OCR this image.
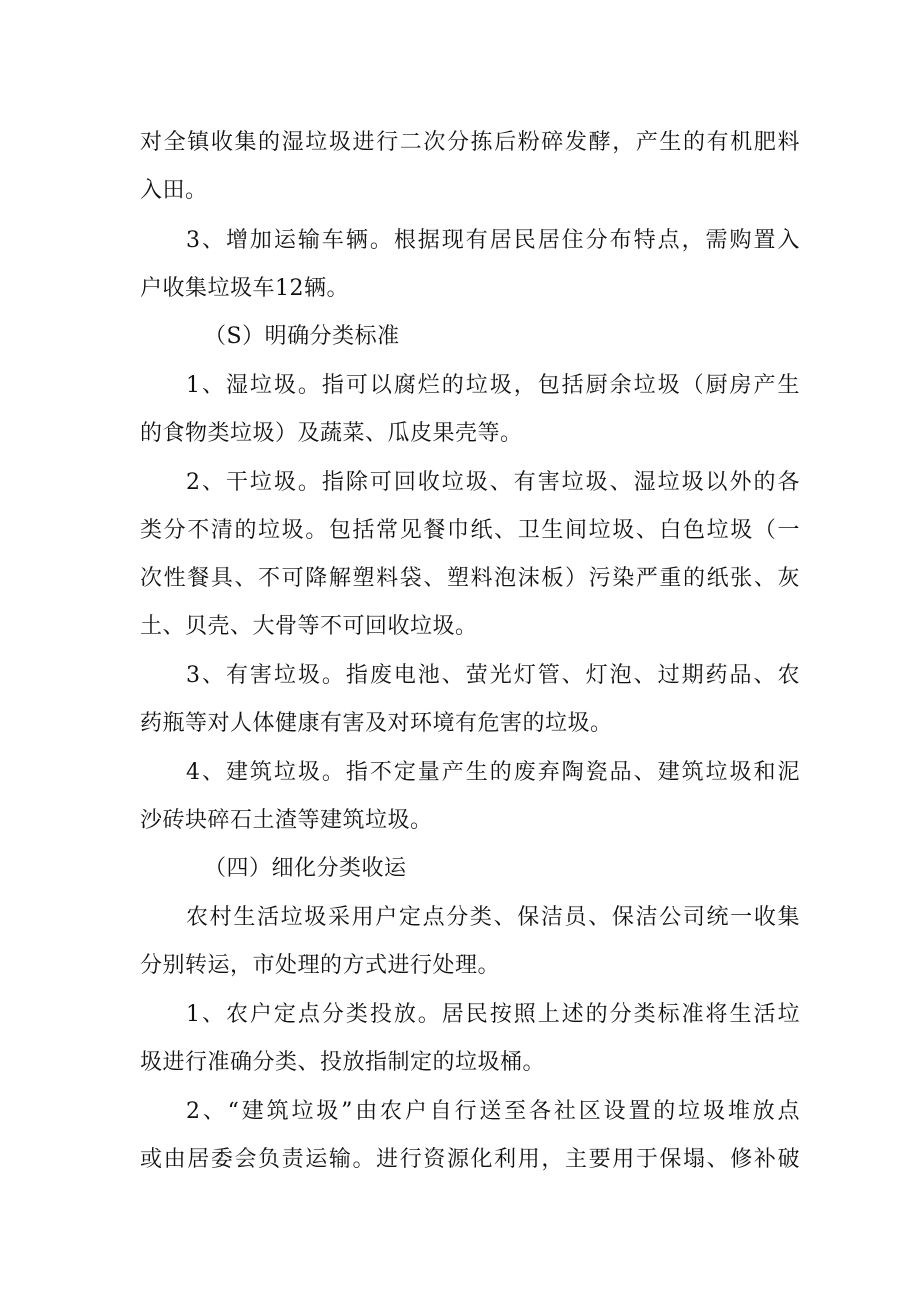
对全镇收集的湿垃圾进行二次分拣后粉碎发酵，产生的有机肥料
入田。
3、增加运输车辆。根据现有居民居住分布特点，需购置入
户收集垃圾车12辆。
（S）明确分类标准
1、湿垃圾。指可以腐烂的垃圾，包括厨余垃圾（厨房产生
的食物类垃圾）及蔬菜、瓜皮果壳等。
2、干垃圾。指除可回收垃圾、有害垃圾、湿垃圾以外的各
类分不清的垃圾。包括常见餐巾纸、卫生间垃圾、白色垃圾（一
次性餐具、不可降解塑料袋、塑料泡沫板）污染严重的纸张、灰
土、贝壳、大骨等不可回收垃圾。
3、有害垃圾。指废电池、萤光灯管、灯泡、过期药品、农
药瓶等对人体健康有害及对环境有危害的垃圾。
4、建筑垃圾。指不定量产生的废弃陶瓷品、建筑垃圾和泥
沙砖块碎石土渣等建筑垃圾。
（四）细化分类收运
农村生活垃圾采用户定点分类、保洁员、保洁公司统一收集
分别转运，市处理的方式进行处理。
1、农户定点分类投放。居民按照上述的分类标准将生活垃
圾进行准确分类、投放指制定的垃圾桶。
2、“建筑垃圾”由农户自行送至各社区设置的垃圾堆放点
或由居委会负责运输。进行资源化利用，主要用于保塌、修补破
